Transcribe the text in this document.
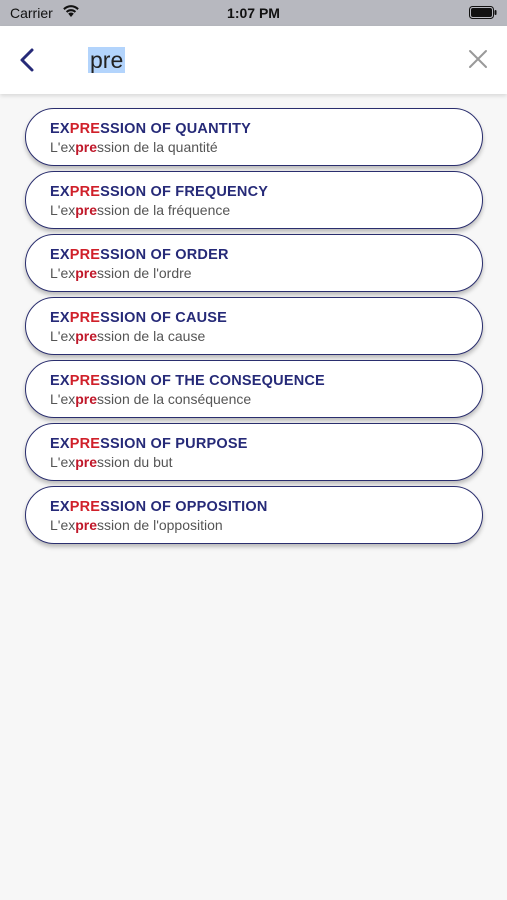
Carrier	1:07 PM
pre
EXPRESSION OF QUANTITY
L'expression de la quantité
EXPRESSION OF FREQUENCY
L'expression de la fréquence
EXPRESSION OF ORDER
L'expression de l'ordre
EXPRESSION OF CAUSE
L'expression de la cause
EXPRESSION OF THE CONSEQUENCE
L'expression de la conséquence
EXPRESSION OF PURPOSE
L'expression du but
EXPRESSION OF OPPOSITION
L'expression de l'opposition
